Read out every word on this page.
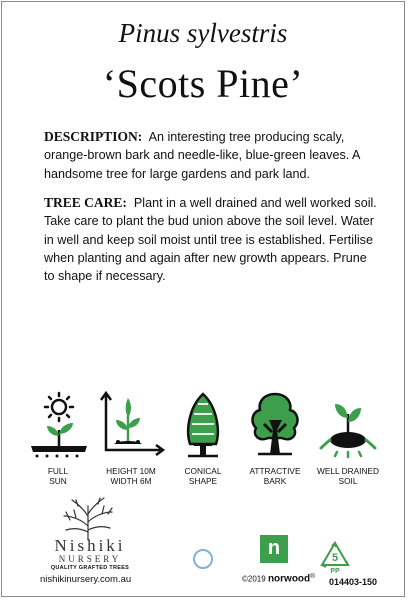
Pinus sylvestris
‘Scots Pine’
DESCRIPTION: An interesting tree producing scaly, orange-brown bark and needle-like, blue-green leaves. A handsome tree for large gardens and park land.
TREE CARE: Plant in a well drained and well worked soil. Take care to plant the bud union above the soil level. Water in well and keep soil moist until tree is established. Fertilise when planting and again after new growth appears. Prune to shape if necessary.
FULL
SUN
HEIGHT 10M
WIDTH 6M
CONICAL
SHAPE
ATTRACTIVE
BARK
WELL DRAINED
SOIL
Nishiki
NURSERY
QUALITY GRAFTED TREES
nishikinursery.com.au
n
©2019 norwood®
5
PP
014403-150
